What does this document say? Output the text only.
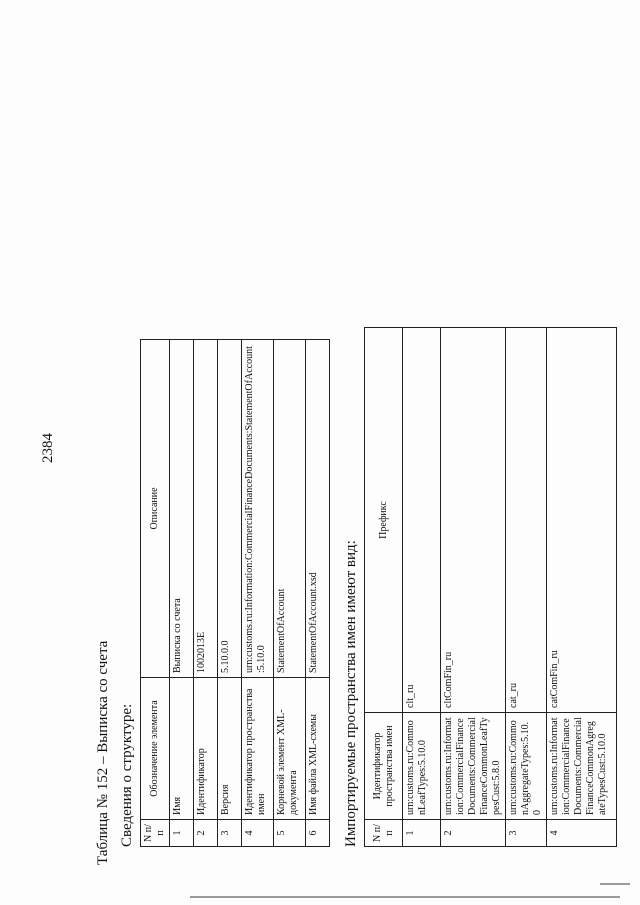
2384
Таблица № 152 – Выписка со счета Сведения о структуре: N п/п	Обозначение элемента	Описание
1	Имя	Выписка со счета
2	Идентификатор	1002013E
3	Версия	5.10.0.0
4	Идентификатор пространства имен	urn:customs.ru:Information:CommercialFinanceDocuments:StatementOfAccount:5.10.0
5	Корневой элемент XML-документа	StatementOfAccount
6	Имя файла XML-схемы	StatementOfAccount.xsd Импортируемые пространства имен имеют вид: N п/п	Идентификатор пространства имен	Префикс
1	urn:customs.ru:CommonLeafTypes:5.10.0	clt_ru
2	urn:customs.ru:Information:CommercialFinanceDocuments:CommercialFinanceCommonLeafTypesCust:5.8.0	cltComFin_ru
3	urn:customs.ru:CommonAggregateTypes:5.10.0	cat_ru
4	urn:customs.ru:Information:CommercialFinanceDocuments:CommercialFinanceCommonAgregateTypesCust:5.10.0	catComFin_ru
